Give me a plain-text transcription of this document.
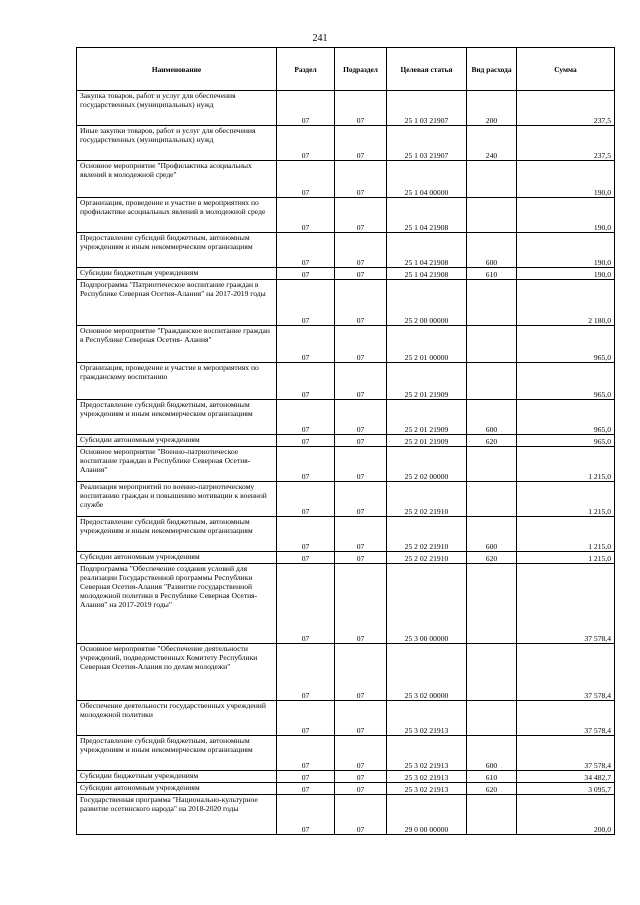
241
Наименование	Раздел	Подраздел	Целевая статья	Вид расхода	Сумма
Закупка товаров, работ и услуг для обеспечения государственных (муниципальных) нужд	07	07	25 1 03 21907	200	237,5
Иные закупки товаров, работ и услуг для обеспечения государственных (муниципальных) нужд	07	07	25 1 03 21907	240	237,5
Основное мероприятие "Профилактика асоциальных явлений в молодежной среде"	07	07	25 1 04 00000		190,0
Организация, проведение и участие в мероприятиях по профилактике асоциальных явлений в молодежной среде	07	07	25 1 04 21908		190,0
Предоставление субсидий бюджетным, автономным учреждениям и иным некоммерческим организациям	07	07	25 1 04 21908	600	190,0
Субсидии бюджетным учреждениям	07	07	25 1 04 21908	610	190,0
Подпрограмма "Патриотическое воспитание граждан в Республике Северная Осетия-Алания" на 2017-2019 годы	07	07	25 2 00 00000		2 180,0
Основное мероприятие "Гражданское воспитание граждан в Республике Северная Осетия- Алания"	07	07	25 2 01 00000		965,0
Организация, проведение и участие в мероприятиях по гражданскому воспитанию	07	07	25 2 01 21909		965,0
Предоставление субсидий бюджетным, автономным учреждениям и иным некоммерческим организациям	07	07	25 2 01 21909	600	965,0
Субсидии автономным учреждениям	07	07	25 2 01 21909	620	965,0
Основное мероприятие "Военно-патриотическое воспитание граждан в Республике Северная Осетия- Алания"	07	07	25 2 02 00000		1 215,0
Реализация мероприятий по военно-патриотическому воспитанию граждан и повышению мотивации к военной службе	07	07	25 2 02 21910		1 215,0
Предоставление субсидий бюджетным, автономным учреждениям и иным некоммерческим организациям	07	07	25 2 02 21910	600	1 215,0
Субсидии автономным учреждениям	07	07	25 2 02 21910	620	1 215,0
Подпрограмма "Обеспечение создания условий для реализации Государственной программы Республики Северная Осетия-Алания "Развитие государственной молодежной политики в Республике Северная Осетия-Алания" на 2017-2019 годы"	07	07	25 3 00 00000		37 578,4
Основное мероприятие "Обеспечение деятельности учреждений, подведомственных Комитету Республики Северная Осетия-Алания по делам молодежи"	07	07	25 3 02 00000		37 578,4
Обеспечение деятельности государственных учреждений молодежной политики	07	07	25 3 02 21913		37 578,4
Предоставление субсидий бюджетным, автономным учреждениям и иным некоммерческим организациям	07	07	25 3 02 21913	600	37 578,4
Субсидии бюджетным учреждениям	07	07	25 3 02 21913	610	34 482,7
Субсидии автономным учреждениям	07	07	25 3 02 21913	620	3 095,7
Государственная программа "Национально-культурное развитие осетинского народа" на 2018-2020 годы	07	07	29 0 00 00000		200,0
